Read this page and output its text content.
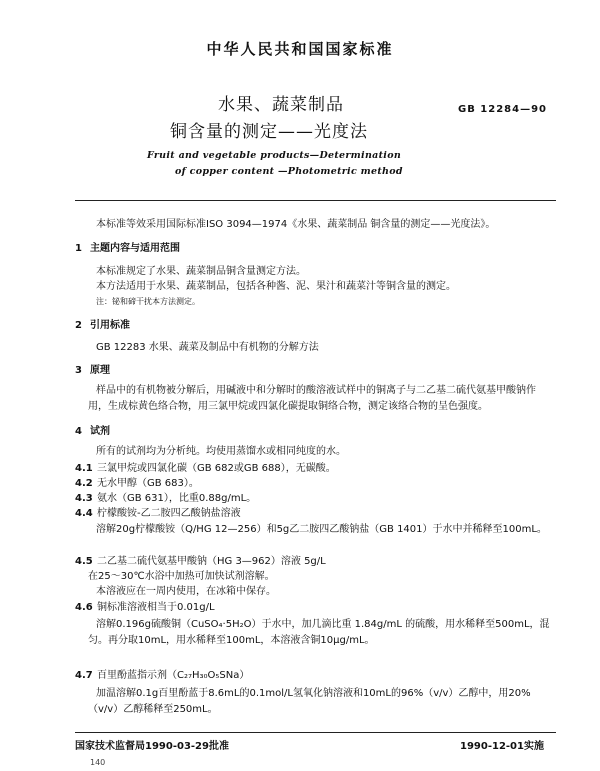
中华人民共和国国家标准
水果、蔬菜制品
铜含量的测定——光度法
GB 12284—90
Fruit and vegetable products—Determination
of copper content —Photometric method
本标准等效采用国际标准ISO 3094—1974《水果、蔬菜制品 铜含量的测定——光度法》。
1 主题内容与适用范围
本标准规定了水果、蔬菜制品铜含量测定方法。
本方法适用于水果、蔬菜制品，包括各种酱、泥、果汁和蔬菜汁等铜含量的测定。
注：铋和碲干扰本方法测定。
2 引用标准
GB 12283 水果、蔬菜及制品中有机物的分解方法
3 原理
样品中的有机物被分解后，用碱液中和分解时的酸溶液试样中的铜离子与二乙基二硫代氨基甲酸钠作用，生成棕黄色络合物，用三氯甲烷或四氯化碳提取铜络合物，测定该络合物的呈色强度。
4 试剂
所有的试剂均为分析纯。均使用蒸馏水或相同纯度的水。
4.1 三氯甲烷或四氯化碳（GB 682或GB 688），无碳酸。
4.2 无水甲醇（GB 683）。
4.3 氨水（GB 631），比重0.88g/mL。
4.4 柠檬酸铵-乙二胺四乙酸钠盐溶液
溶解20g柠檬酸铵（Q/HG 12—256）和5g乙二胺四乙酸钠盐（GB 1401）于水中并稀释至100mL。
4.5 二乙基二硫代氨基甲酸钠（HG 3—962）溶液 5g/L
在25～30℃水浴中加热可加快试剂溶解。
本溶液应在一周内使用，在冰箱中保存。
4.6 铜标准溶液相当于0.01g/L
溶解0.196g硫酸铜（CuSO₄·5H₂O）于水中，加几滴比重 1.84g/mL 的硫酸，用水稀释至500mL，混匀。再分取10mL，用水稀释至100mL，本溶液含铜10μg/mL。
4.7 百里酚蓝指示剂（C₂₇H₃₀O₅SNa）
加温溶解0.1g百里酚蓝于8.6mL的0.1mol/L氢氧化钠溶液和10mL的96%（v/v）乙醇中，用20%（v/v）乙醇稀释至250mL。
国家技术监督局1990-03-29批准	1990-12-01实施
140
